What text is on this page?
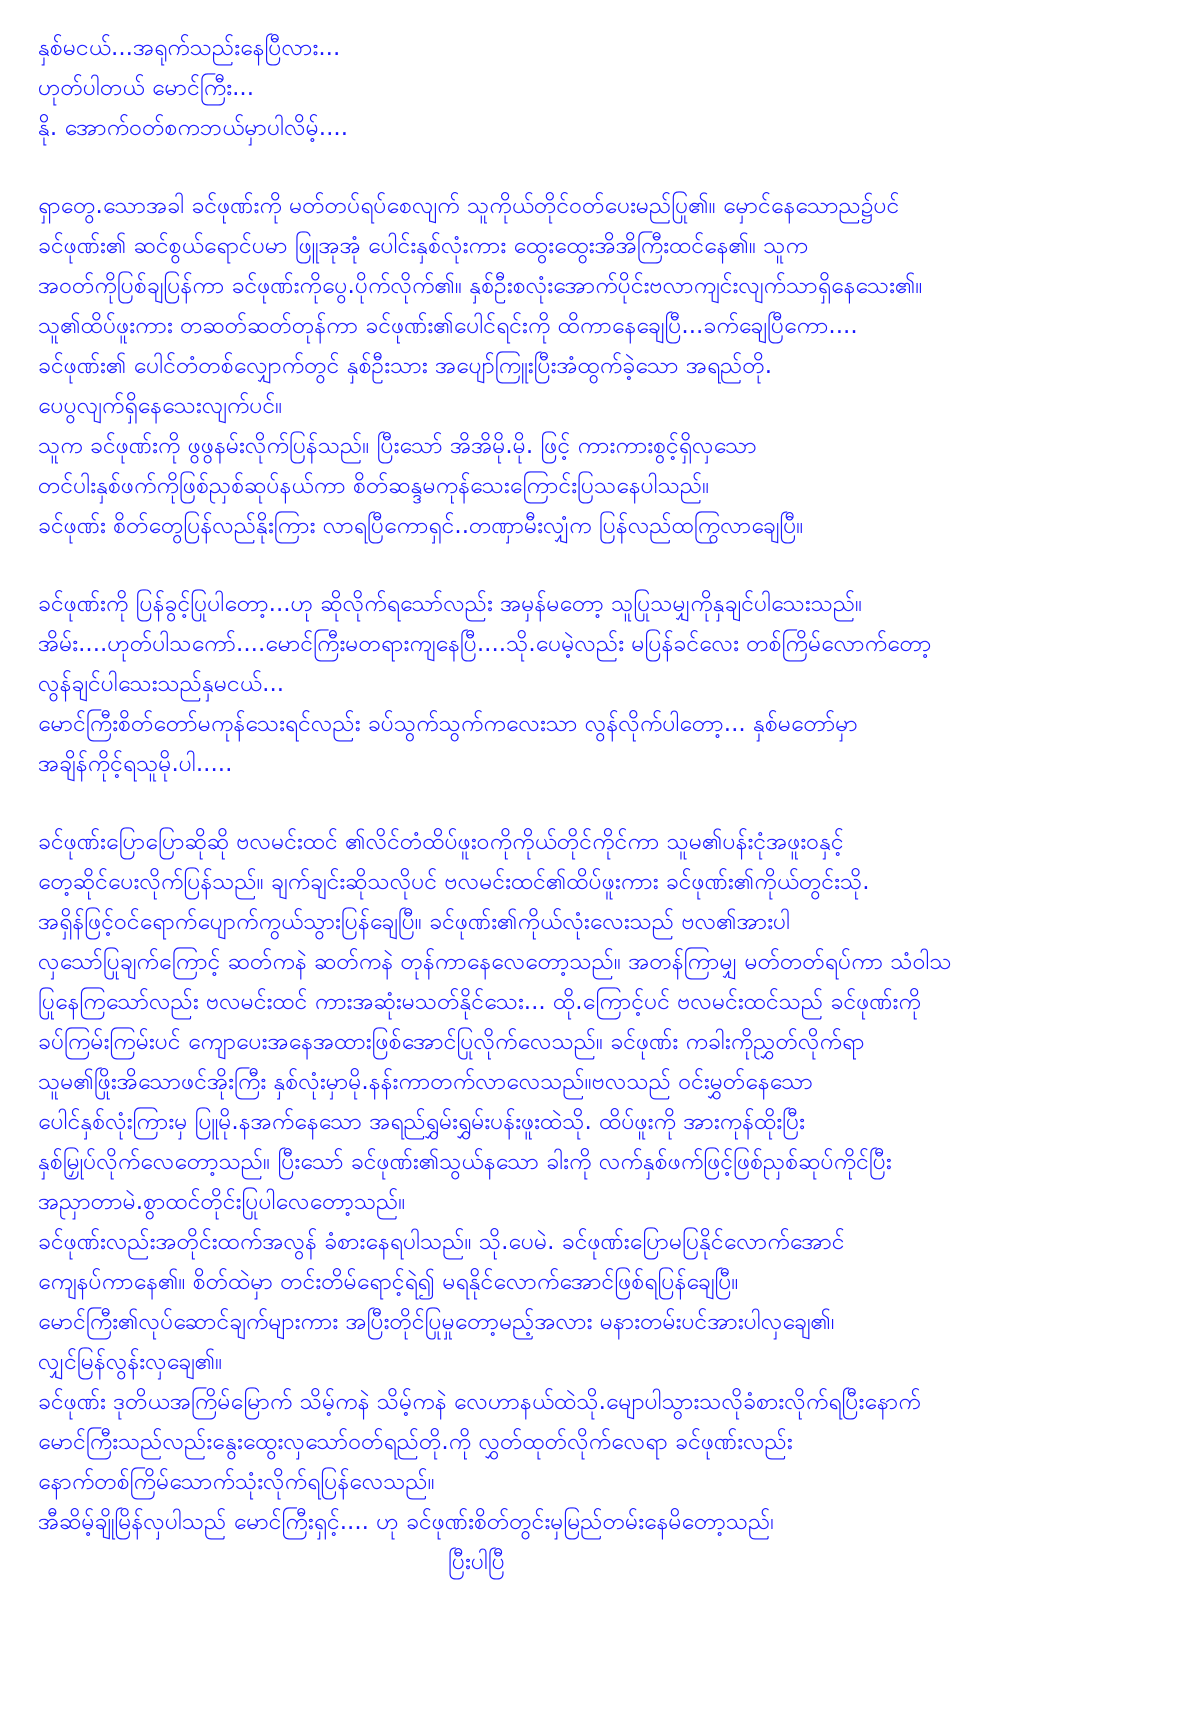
နှစ်မငယ်...အရုက်သည်းနေပြီလား...
ဟုတ်ပါတယ် မောင်ကြီး...
နို. အောက်ဝတ်စကဘယ်မှာပါလိမ့်....
ရှာတွေ.သောအခါ ခင်ဖုဏ်းကို မတ်တပ်ရပ်စေလျက် သူကိုယ်တိုင်ဝတ်ပေးမည်ပြု၏။ မှောင်နေသောည၌ပင်
ခင်ဖုဏ်း၏ ဆင်စွယ်ရောင်ပမာ ဖြူအုအုံ ပေါင်းနှစ်လုံးကား ထွေးထွေးအိအိကြီးထင်နေ၏။ သူက
အဝတ်ကိုပြစ်ချပြန်ကာ ခင်ဖုဏ်းကိုပွေ.ပိုက်လိုက်၏။ နှစ်ဦးစလုံးအောက်ပိုင်းဗလာကျင်းလျက်သာရှိနေသေး၏။
သူ၏ထိပ်ဖူးကား တဆတ်ဆတ်တုန်ကာ ခင်ဖုဏ်း၏ပေါင်ရင်းကို ထိကာနေချေပြီ...ခက်ချေပြီကော....
ခင်ဖုဏ်း၏ ပေါင်တံတစ်လျှောက်တွင် နှစ်ဦးသား အပျော်ကြူးပြီးအံထွက်ခဲ့သော အရည်တို.
ပေပွလျက်ရှိနေသေးလျက်ပင်။
သူက ခင်ဖုဏ်းကို ဖွဖွနမ်းလိုက်ပြန်သည်။ ပြီးသော် အိအိမို.မို. ဖြင့် ကားကားစွင့်ရှိလှသော
တင်ပါးနှစ်ဖက်ကိုဖြစ်ညှစ်ဆုပ်နယ်ကာ စိတ်ဆန္ဒမကုန်သေးကြောင်းပြသနေပါသည်။
ခင်ဖုဏ်း စိတ်တွေပြန်လည်နိုးကြား လာရပြီကောရှင်..တဏှာမီးလျှံက ပြန်လည်ထကြွလာချေပြီ။
ခင်ဖုဏ်းကို ပြန်ခွင့်ပြုပါတော့...ဟု ဆိုလိုက်ရသော်လည်း အမှန်မတော့ သူပြုသမျှကိုနှချင်ပါသေးသည်။
အိမ်း....ဟုတ်ပါသကော်....မောင်ကြီးမတရားကျနေပြီ....သို.ပေမဲ့လည်း မပြန်ခင်လေး တစ်ကြိမ်လောက်တော့
လွန်ချင်ပါသေးသည်နှမငယ်...
မောင်ကြီးစိတ်တော်မကုန်သေးရင်လည်း ခပ်သွက်သွက်ကလေးသာ လွန်လိုက်ပါတော့... နှစ်မတော်မှာ
အချိန်ကိုင့်ရသူမို.ပါ.....
ခင်ဖုဏ်းပြောပြောဆိုဆို ဗလမင်းထင် ၏လိင်တံထိပ်ဖူးဝကိုကိုယ်တိုင်ကိုင်ကာ သူမ၏ပန်းငုံအဖူးဝနှင့်
တေ့ဆိုင်ပေးလိုက်ပြန်သည်။ ချက်ချင်းဆိုသလိုပင် ဗလမင်းထင်၏ထိပ်ဖူးကား ခင်ဖုဏ်း၏ကိုယ်တွင်းသို.
အရှိန်ဖြင့်ဝင်ရောက်ပျောက်ကွယ်သွားပြန်ချေပြီ။ ခင်ဖုဏ်း၏ကိုယ်လုံးလေးသည် ဗလ၏အားပါ
လှသော်ပြုချက်ကြောင့် ဆတ်ကနဲ ဆတ်ကနဲ တုန်ကာနေလေတော့သည်။ အတန်ကြာမျှ မတ်တတ်ရပ်ကာ သံဝါသ
ပြုနေကြသော်လည်း ဗလမင်းထင် ကားအဆုံးမသတ်နိုင်သေး... ထို.ကြောင့်ပင် ဗလမင်းထင်သည် ခင်ဖုဏ်းကို
ခပ်ကြမ်းကြမ်းပင် ကျောပေးအနေအထားဖြစ်အောင်ပြုလိုက်လေသည်။ ခင်ဖုဏ်း ကခါးကိုညွှတ်လိုက်ရာ
သူမ၏ဖြိုးအိသောဖင်အိုးကြီး နှစ်လုံးမှာမို.နန်းကာတက်လာလေသည်။ဗလသည် ဝင်းမွှတ်နေသော
ပေါင်နှစ်လုံးကြားမှ ပြူမို.နအက်နေသော အရည်ရွှမ်းရွှမ်းပန်းဖူးထဲသို. ထိပ်ဖူးကို အားကုန်ထိုးပြီး
နှစ်မြှုပ်လိုက်လေတော့သည်။ ပြီးသော် ခင်ဖုဏ်း၏သွယ်နသော ခါးကို လက်နှစ်ဖက်ဖြင့်ဖြစ်ညှစ်ဆုပ်ကိုင်ပြီး
အညှာတာမဲ.စွာထင်တိုင်းပြုပါလေတော့သည်။
ခင်ဖုဏ်းလည်းအတိုင်းထက်အလွန် ခံစားနေရပါသည်။ သို.ပေမဲ. ခင်ဖုဏ်းပြောမပြနိုင်လောက်အောင်
ကျေနပ်ကာနေ၏။ စိတ်ထဲမှာ တင်းတိမ်ရောင့်ရဲ၍ မရနိုင်လောက်အောင်ဖြစ်ရပြန်ချေပြီ။
မောင်ကြီး၏လုပ်ဆောင်ချက်များကား အပြီးတိုင်ပြုမှုတော့မည့်အလား မနားတမ်းပင်အားပါလှချေ၏၊
လျှင်မြန်လွန်းလှချေ၏။
ခင်ဖုဏ်း ဒုတိယအကြိမ်မြောက် သိမ့်ကနဲ သိမ့်ကနဲ လေဟာနယ်ထဲသို.မျောပါသွားသလိုခံစားလိုက်ရပြီးနောက်
မောင်ကြီးသည်လည်းနွေးထွေးလှသော်ဝတ်ရည်တို.ကို လွှတ်ထုတ်လိုက်လေရာ ခင်ဖုဏ်းလည်း
နောက်တစ်ကြိမ်သောက်သုံးလိုက်ရပြန်လေသည်။
အီဆိမ့်ချိုမြိန်လှပါသည် မောင်ကြီးရှင့်.... ဟု ခင်ဖုဏ်းစိတ်တွင်းမှမြည်တမ်းနေမိတော့သည်၊
ပြီးပါပြီ
